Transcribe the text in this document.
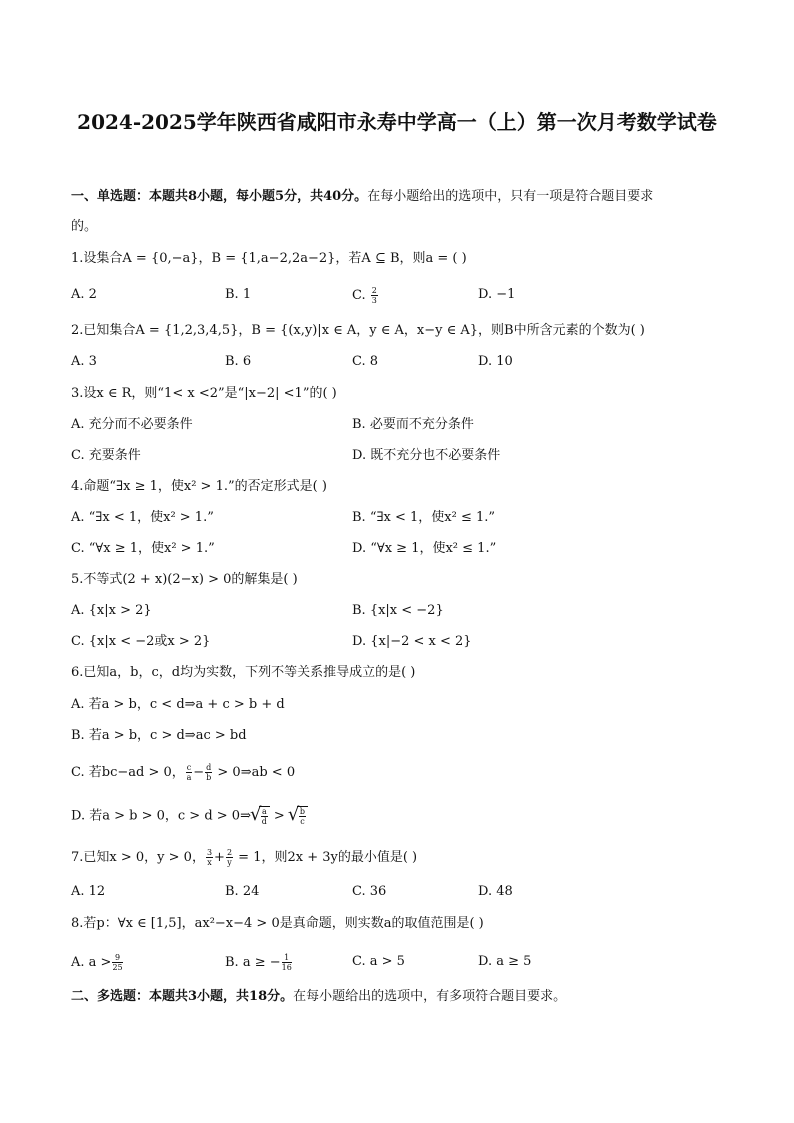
2024-2025学年陕西省咸阳市永寿中学高一（上）第一次月考数学试卷
一、单选题：本题共8小题，每小题5分，共40分。在每小题给出的选项中，只有一项是符合题目要求
的。
1.设集合A = {0,−a}，B = {1,a−2,2a−2}，若A ⊆ B，则a = ( )
A. 2	B. 1	C. $\frac{2}{3}$	D. −1
2.已知集合A = {1,2,3,4,5}，B = {(x,y)|x ∈ A，y ∈ A，x−y ∈ A}，则B中所含元素的个数为( )
A. 3	B. 6	C. 8	D. 10
3.设x ∈ R，则“1< x <2”是“|x−2| <1”的( )
A. 充分而不必要条件	B. 必要而不充分条件
C. 充要条件	D. 既不充分也不必要条件
4.命题“∃x ≥ 1，使x² > 1.”的否定形式是( )
A. “∃x < 1，使x² > 1.”	B. “∃x < 1，使x² ≤ 1.”
C. “∀x ≥ 1，使x² > 1.”	D. “∀x ≥ 1，使x² ≤ 1.”
5.不等式(2 + x)(2−x) > 0的解集是( )
A. {x|x > 2}	B. {x|x < −2}
C. {x|x < −2或x > 2}	D. {x|−2 < x < 2}
6.已知a，b，c，d均为实数，下列不等关系推导成立的是( )
A. 若a > b，c < d⇒a + c > b + d
B. 若a > b，c > d⇒ac > bd
C. 若bc−ad > 0， $\frac{c}{a} - \frac{d}{b}$ > 0⇒ab < 0
D. 若a > b > 0，c > d > 0⇒ √ $\frac{a}{d}$ > √ $\frac{b}{c}$
7.已知x > 0，y > 0， $\frac{3}{x} + \frac{2}{y} = 1$，则2x + 3y的最小值是( )
A. 12	B. 24	C. 36	D. 48
8.若p：∀x ∈ [1,5]，ax²−x−4 > 0是真命题，则实数a的取值范围是( )
A. $a > \frac{9}{25}$	B. a ≥ − $\frac{1}{16}$	C. a > 5	D. a ≥ 5
二、多选题：本题共3小题，共18分。在每小题给出的选项中，有多项符合题目要求。
